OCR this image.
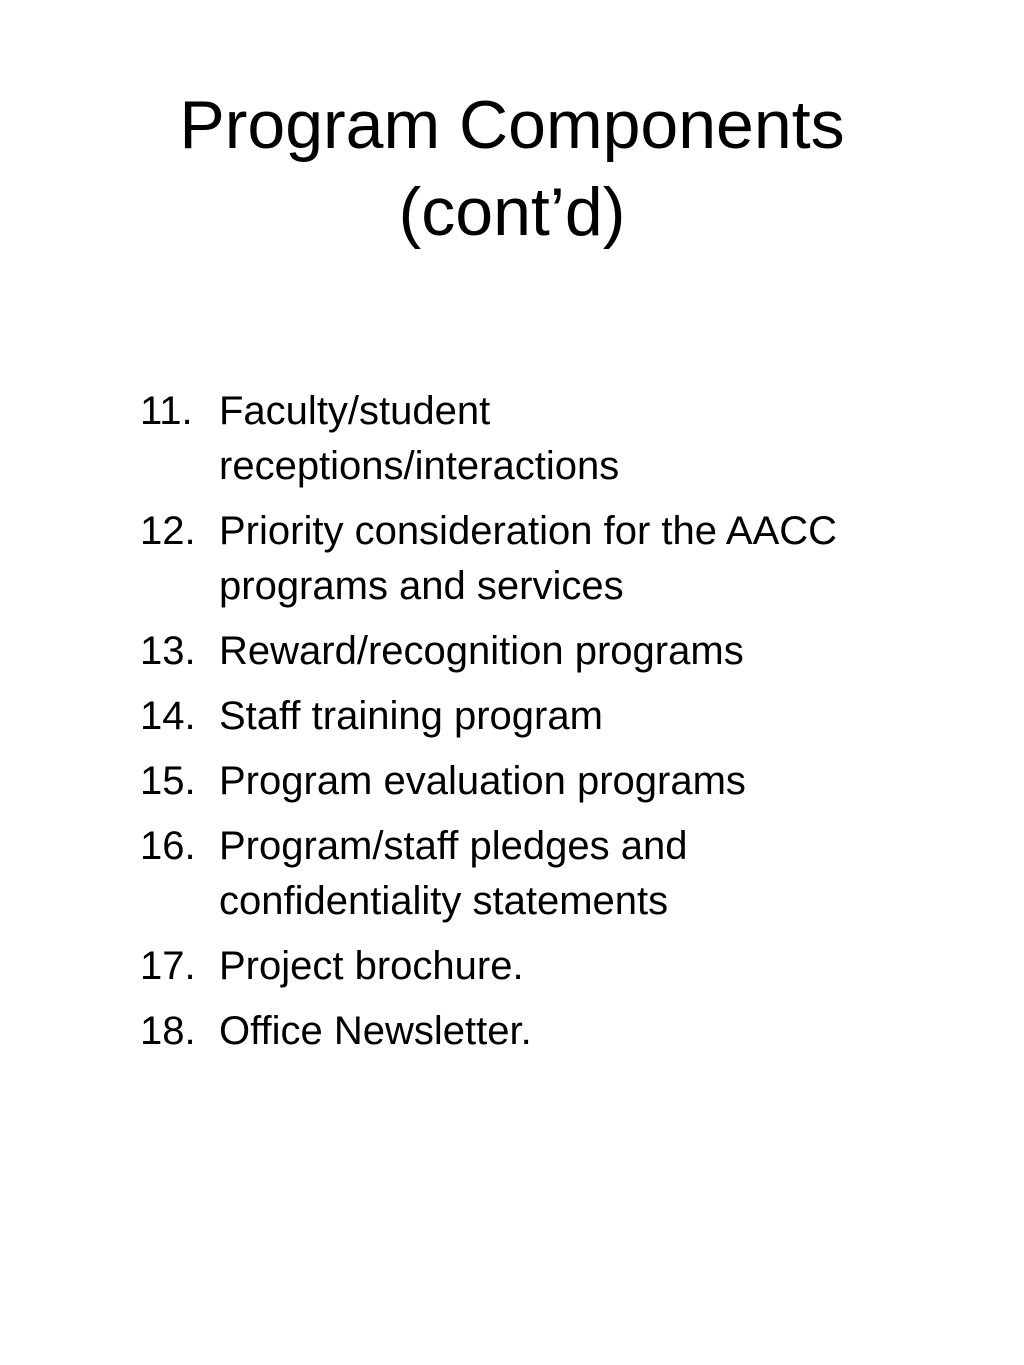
Program Components
(cont’d)
11. Faculty/student receptions/interactions
12. Priority consideration for the AACC programs and services
13. Reward/recognition programs
14. Staff training program
15. Program evaluation programs
16. Program/staff pledges and confidentiality statements
17. Project brochure.
18. Office Newsletter.
